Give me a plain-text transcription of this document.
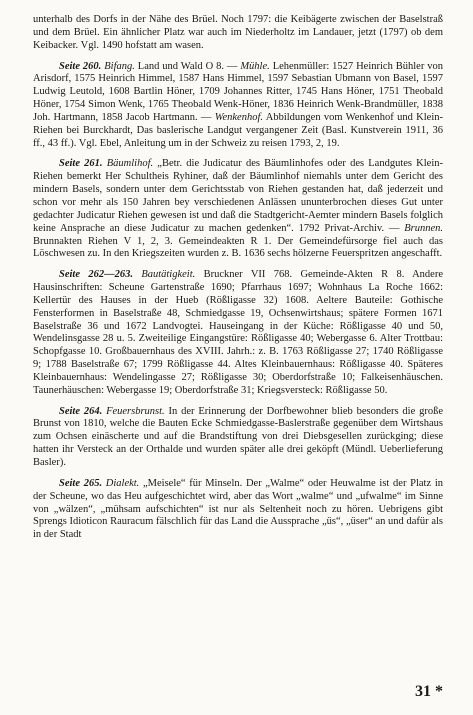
unterhalb des Dorfs in der Nähe des Brüel. Noch 1797: die Keibägerte zwischen der Baselstraß und dem Brüel. Ein ähnlicher Platz war auch im Niederholtz im Landauer, jetzt (1797) ob dem Keibacker. Vgl. 1490 hofstatt am wasen.

Seite 260. Bifang. Land und Wald O 8. — Mühle. Lehenmüller: 1527 Heinrich Bühler von Arisdorf, 1575 Heinrich Himmel, 1587 Hans Himmel, 1597 Sebastian Ubmann von Basel, 1597 Ludwig Leutold, 1608 Bartlin Höner, 1709 Johannes Ritter, 1745 Hans Höner, 1751 Theobald Höner, 1754 Simon Wenk, 1765 Theobald Wenk-Höner, 1836 Heinrich Wenk-Brandmüller, 1838 Joh. Hartmann, 1858 Jacob Hartmann. — Wenkenhof. Abbildungen vom Wenkenhof und Klein-Riehen bei Burckhardt, Das baslerische Landgut vergangener Zeit (Basl. Kunstverein 1911, 36 ff., 43 ff.). Vgl. Ebel, Anleitung um in der Schweiz zu reisen 1793, 2, 19.

Seite 261. Bäumlihof. „Betr. die Judicatur des Bäumlinhofes oder des Landgutes Klein-Riehen bemerkt Her Schultheis Ryhiner, daß der Bäumlinhof niemahls unter dem Gericht des mindern Basels, sondern unter dem Gerichtsstab von Riehen gestanden hat, daß jederzeit und schon vor mehr als 150 Jahren bey verschiedenen Anlässen ununterbrochen dieses Gut unter gedachter Judicatur Riehen gewesen ist und daß die Stadtgericht-Aemter mindern Basels folglich keine Ansprache an diese Judicatur zu machen gedenken“. 1792 Privat-Archiv. — Brunnen. Brunnakten Riehen V 1, 2, 3. Gemeindeakten R 1. Der Gemeindefürsorge fiel auch das Löschwesen zu. In den Kriegszeiten wurden z. B. 1636 sechs hölzerne Feuerspritzen angeschafft.

Seite 262—263. Bautätigkeit. Bruckner VII 768. Gemeinde-Akten R 8. Andere Hausinschriften: Scheune Gartenstraße 1690; Pfarrhaus 1697; Wohnhaus La Roche 1662: Kellertür des Hauses in der Hueb (Rößligasse 32) 1608. Aeltere Bauteile: Gothische Fensterformen in Baselstraße 48, Schmiedgasse 19, Ochsenwirtshaus; spätere Formen 1671 Baselstraße 36 und 1672 Landvogtei. Hauseingang in der Küche: Rößligasse 40 und 50, Wendelinsgasse 28 u. 5. Zweiteilige Eingangstüre: Rößligasse 40; Webergasse 6. Alter Trottbau: Schopfgasse 10. Großbauernhaus des XVIII. Jahrh.: z. B. 1763 Rößligasse 27; 1740 Rößligasse 9; 1788 Baselstraße 67; 1799 Rößligasse 44. Altes Kleinbauernhaus: Rößligasse 40. Späteres Kleinbauernhaus: Wendelingasse 27; Rößligasse 30; Oberdorfstraße 10; Falkeisenhäuschen. Taunerhäuschen: Webergasse 19; Oberdorfstraße 31; Kriegsversteck: Rößligasse 50.

Seite 264. Feuersbrunst. In der Erinnerung der Dorfbewohner blieb besonders die große Brunst von 1810, welche die Bauten Ecke Schmiedgasse-Baslerstraße gegenüber dem Wirtshaus zum Ochsen einäscherte und auf die Brandstiftung von drei Diebsgesellen zurückging; diese hatten ihr Versteck an der Orthalde und wurden später alle drei geköpft (Mündl. Ueberlieferung Basler).

Seite 265. Dialekt. „Meisele“ für Minseln. Der „Walme“ oder Heuwalme ist der Platz in der Scheune, wo das Heu aufgeschichtet wird, aber das Wort „walme“ und „ufwalme“ im Sinne von „wälzen“, „mühsam aufschichten“ ist nur als Seltenheit noch zu hören. Uebrigens gibt Sprengs Idioticon Rauracum fälschlich für das Land die Aussprache „üs“, „üser“ an und dafür als in der Stadt

31 *
